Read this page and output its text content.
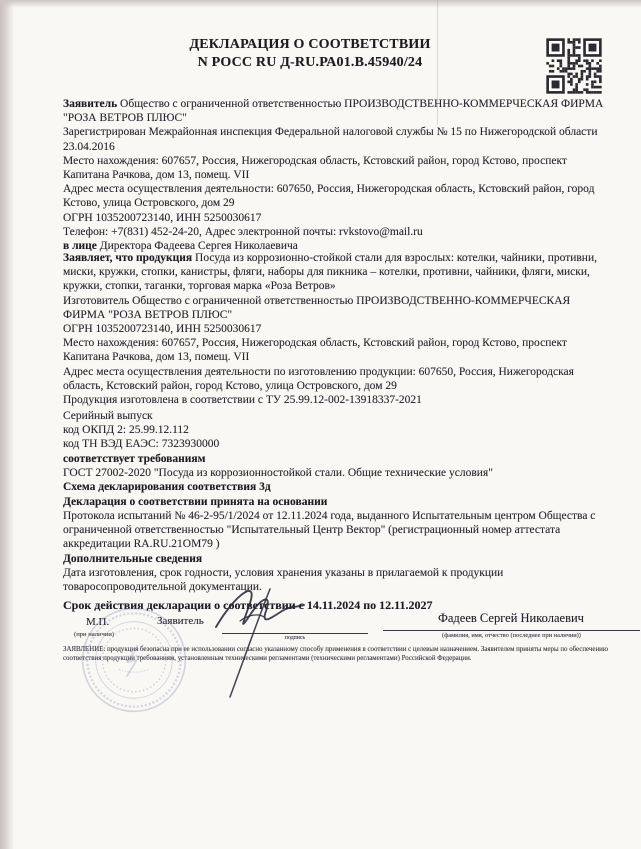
ДЕКЛАРАЦИЯ О СООТВЕТСТВИИ
N РОСС RU Д-RU.РА01.В.45940/24

Заявитель Общество с ограниченной ответственностью ПРОИЗВОДСТВЕННО-КОММЕРЧЕСКАЯ ФИРМА "РОЗА ВЕТРОВ ПЛЮС"

Зарегистрирован Межрайонная инспекция Федеральной налоговой службы № 15 по Нижегородской области 23.04.2016

Место нахождения: 607657, Россия, Нижегородская область, Кстовский район, город Кстово, проспект Капитана Рачкова, дом 13, помещ. VII

Адрес места осуществления деятельности: 607650, Россия, Нижегородская область, Кстовский район, город Кстово, улица Островского, дом 29

ОГРН 1035200723140, ИНН 5250030617

Телефон: +7(831) 452-24-20, Адрес электронной почты: rvkstovo@mail.ru

в лице Директора Фадеева Сергея Николаевича

Заявляет, что продукция Посуда из коррозионно-стойкой стали для взрослых: котелки, чайники, противни, миски, кружки, стопки, канистры, фляги, наборы для пикника – котелки, противни, чайники, фляги, миски, кружки, стопки, таганки, торговая марка «Роза Ветров»

Изготовитель Общество с ограниченной ответственностью ПРОИЗВОДСТВЕННО-КОММЕРЧЕСКАЯ ФИРМА "РОЗА ВЕТРОВ ПЛЮС"

ОГРН 1035200723140, ИНН 5250030617

Место нахождения: 607657, Россия, Нижегородская область, Кстовский район, город Кстово, проспект Капитана Рачкова, дом 13, помещ. VII

Адрес места осуществления деятельности по изготовлению продукции: 607650, Россия, Нижегородская область, Кстовский район, город Кстово, улица Островского, дом 29

Продукция изготовлена в соответствии с ТУ 25.99.12-002-13918337-2021

Серийный выпуск

код ОКПД 2: 25.99.12.112

код ТН ВЭД ЕАЭС: 7323930000

соответствует требованиям

ГОСТ 27002-2020 "Посуда из коррозионностойкой стали. Общие технические условия"

Схема декларирования соответствия 3д

Декларация о соответствии принята на основании

Протокола испытаний № 46-2-95/1/2024 от 12.11.2024 года, выданного Испытательным центром Общества с ограниченной ответственностью "Испытательный Центр Вектор" (регистрационный номер аттестата аккредитации RA.RU.21ОМ79 )

Дополнительные сведения

Дата изготовления, срок годности, условия хранения указаны в прилагаемой к продукции товаросопроводительной документации.

Срок действия декларации о соответствии с 14.11.2024 по 12.11.2027
М.П.
(при наличии)
Заявитель
подпись
Фадеев Сергей Николаевич
(фамилия, имя, отчество (последнее при наличии))
ЗАЯВЛЕНИЕ: продукция безопасна при ее использовании согласно указанному способу применения в соответствии с целевым назначением. Заявителем приняты меры по обеспечению соответствия продукции требованиям, установленным техническими регламентами (техническими регламентами) Российской Федерации.
